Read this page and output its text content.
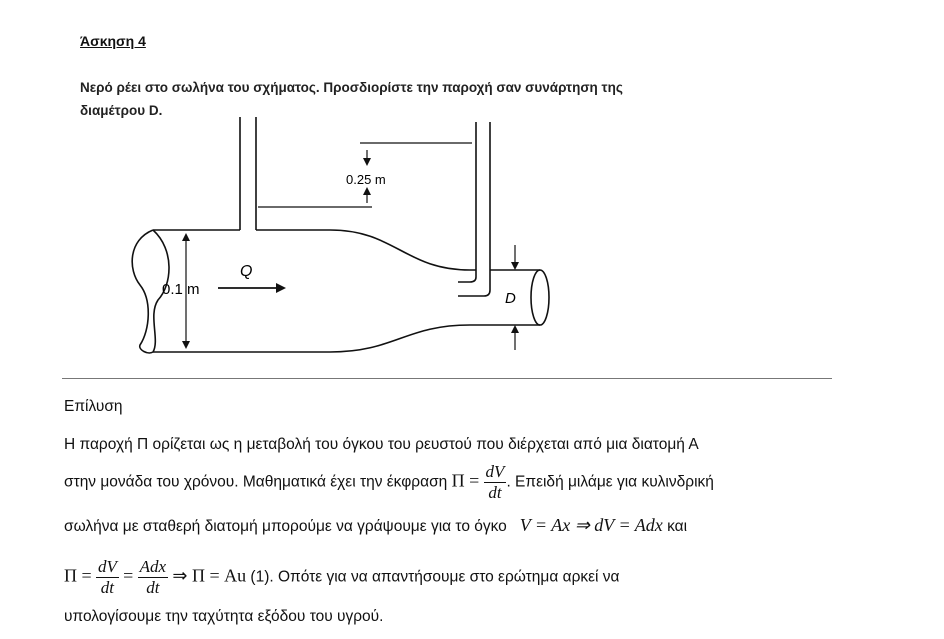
Άσκηση 4
Νερό ρέει στο σωλήνα του σχήματος. Προσδιορίστε την παροχή σαν συνάρτηση της
διαμέτρου D.
0.25 m
0.1 m
Q
D
Επίλυση
Η παροχή Π ορίζεται ως η μεταβολή του όγκου του ρευστού που διέρχεται από μια διατομή Α
στην μονάδα του χρόνου. Μαθηματικά έχει την έκφραση $\Pi = \frac{dV}{dt}$ . Επειδή μιλάμε για κυλινδρική
σωλήνα με σταθερή διατομή μπορούμε να γράψουμε για το όγκο V = Ax ⇒ dV = Adx και
$\Pi = \frac{dV}{dt} = \frac{\text{Adx}}{dt}$ ⇒ Π = Au (1). Οπότε για να απαντήσουμε στο ερώτημα αρκεί να
υπολογίσουμε την ταχύτητα εξόδου του υγρού.
